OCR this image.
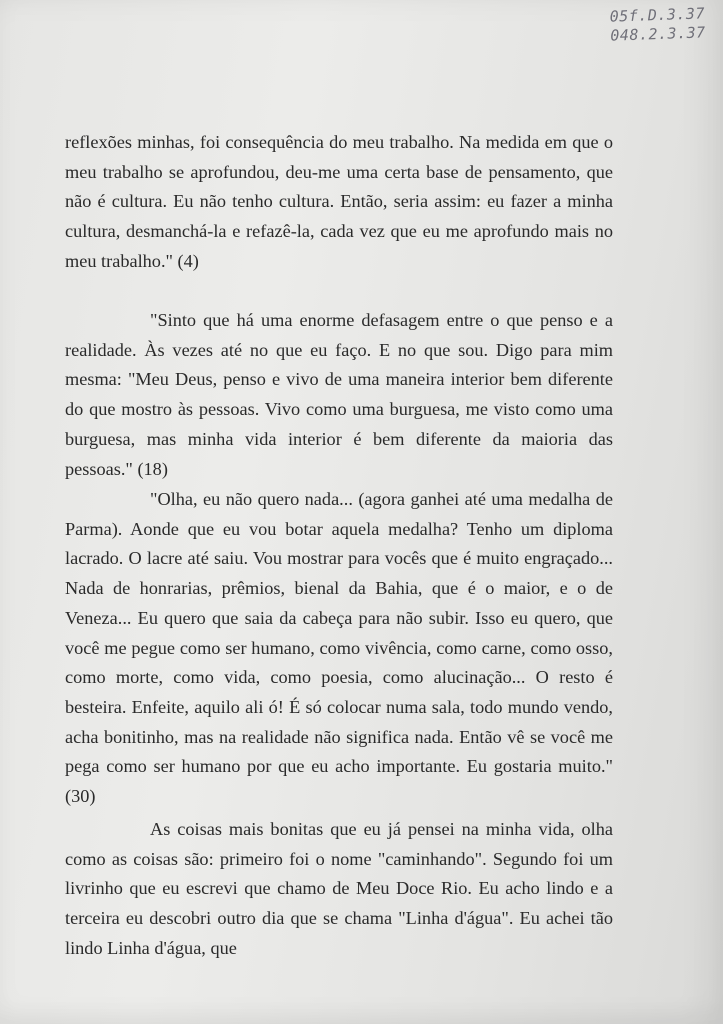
05f.D.3.37
048.2.3.37

reflexões minhas, foi consequência do meu trabalho. Na medida em que o meu trabalho se aprofundou, deu-me uma certa base de pensamento, que não é cultura. Eu não tenho cultura. Então, seria assim: eu fazer a minha cultura, desmanchá-la e refazê-la, cada vez que eu me aprofundo mais no meu trabalho." (4)

"Sinto que há uma enorme defasagem entre o que penso e a realidade. Às vezes até no que eu faço. E no que sou. Digo para mim mesma: "Meu Deus, penso e vivo de uma maneira interior bem diferente do que mostro às pessoas. Vivo como uma burguesa, me visto como uma burguesa, mas minha vida interior é bem diferente da maioria das pessoas." (18)

"Olha, eu não quero nada... (agora ganhei até uma medalha de Parma). Aonde que eu vou botar aquela medalha? Tenho um diploma lacrado. O lacre até saiu. Vou mostrar para vocês que é muito engraçado... Nada de honrarias, prêmios, bienal da Bahia, que é o maior, e o de Veneza... Eu quero que saia da cabeça para não subir. Isso eu quero, que você me pegue como ser humano, como vivência, como carne, como osso, como morte, como vida, como poesia, como alucinação... O resto é besteira. Enfeite, aquilo ali ó! É só colocar numa sala, todo mundo vendo, acha bonitinho, mas na realidade não significa nada. Então vê se você me pega como ser humano por que eu acho importante. Eu gostaria muito." (30)

As coisas mais bonitas que eu já pensei na minha vida, olha como as coisas são: primeiro foi o nome "caminhando". Segundo foi um livrinho que eu escrevi que chamo de Meu Doce Rio. Eu acho lindo e a terceira eu descobri outro dia que se chama "Linha d'água". Eu achei tão lindo Linha d'água, que
